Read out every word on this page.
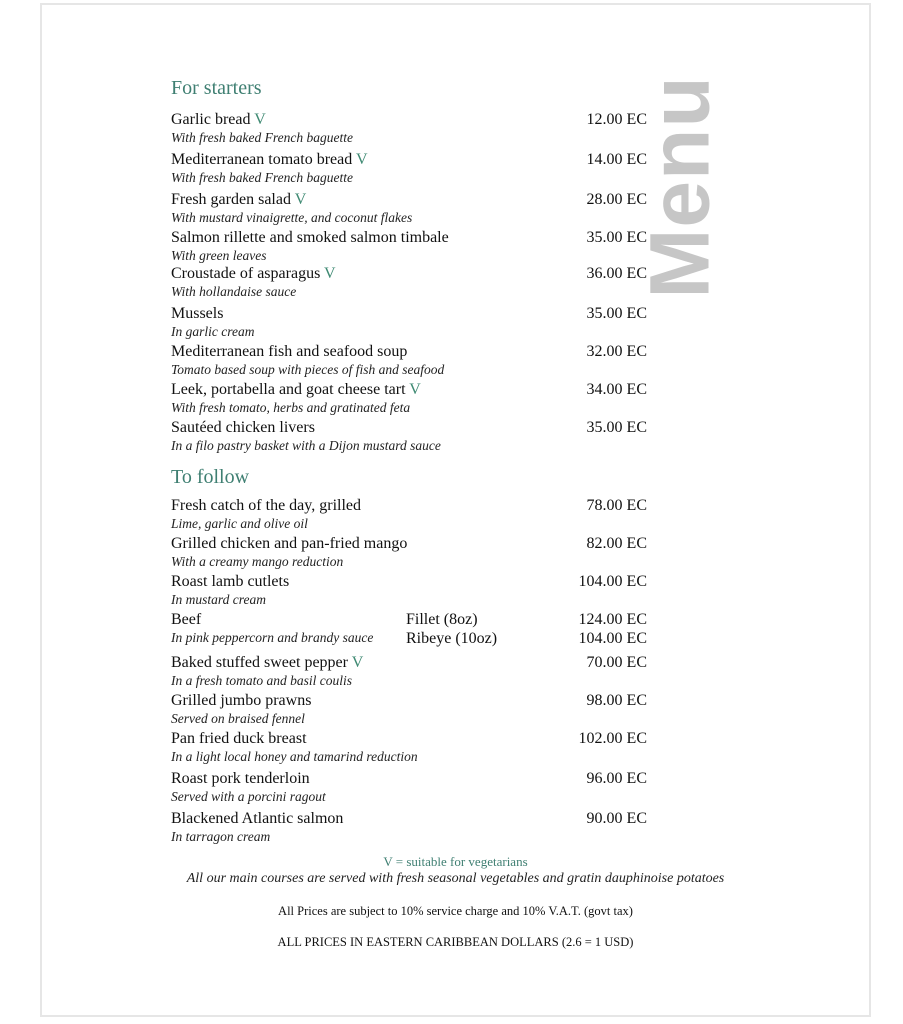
Menu
For starters
Garlic bread V
With fresh baked French baguette
12.00 EC
Mediterranean tomato bread V
With fresh baked French baguette
14.00 EC
Fresh garden salad V
With mustard vinaigrette, and coconut flakes
28.00 EC
Salmon rillette and smoked salmon timbale
With green leaves
35.00 EC
Croustade of asparagus V
With hollandaise sauce
36.00 EC
Mussels
In garlic cream
35.00 EC
Mediterranean fish and seafood soup
Tomato based soup with pieces of fish and seafood
32.00 EC
Leek, portabella and goat cheese tart V
With fresh tomato, herbs and gratinated feta
34.00 EC
Sautéed chicken livers
In a filo pastry basket with a Dijon mustard sauce
35.00 EC
To follow
Fresh catch of the day, grilled
Lime, garlic and olive oil
78.00 EC
Grilled chicken and pan-fried mango
With a creamy mango reduction
82.00 EC
Roast lamb cutlets
In mustard cream
104.00 EC
Beef
In pink peppercorn and brandy sauce
Fillet (8oz)	124.00 EC
Ribeye (10oz)	104.00 EC
Baked stuffed sweet pepper V
In a fresh tomato and basil coulis
70.00 EC
Grilled jumbo prawns
Served on braised fennel
98.00 EC
Pan fried duck breast
In a light local honey and tamarind reduction
102.00 EC
Roast pork tenderloin
Served with a porcini ragout
96.00 EC
Blackened Atlantic salmon
In tarragon cream
90.00 EC
V = suitable for vegetarians
All our main courses are served with fresh seasonal vegetables and gratin dauphinoise potatoes
All Prices are subject to 10% service charge and 10% V.A.T. (govt tax)
ALL PRICES IN EASTERN CARIBBEAN DOLLARS (2.6 = 1 USD)
